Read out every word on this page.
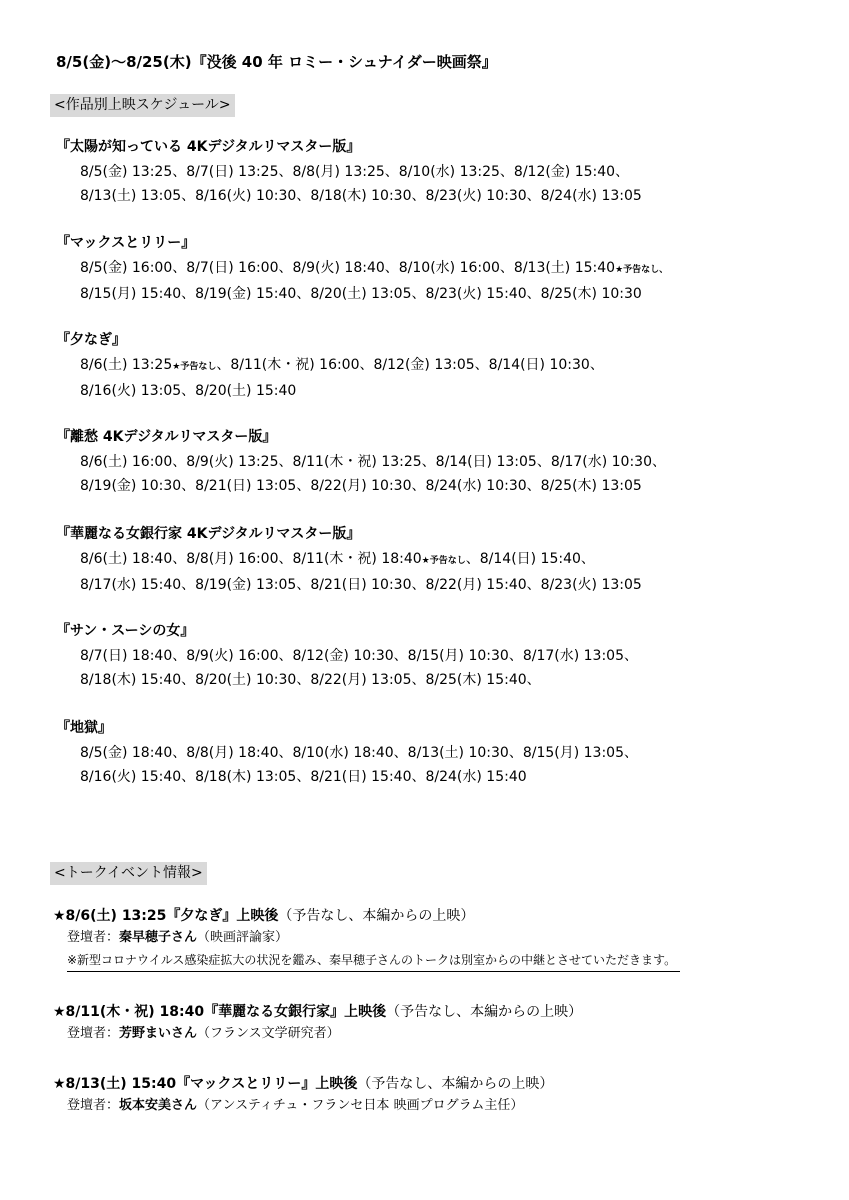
8/5(金)～8/25(木)『没後 40 年 ロミー・シュナイダー映画祭』
<作品別上映スケジュール>
『太陽が知っている 4Kデジタルリマスター版』
8/5(金) 13:25、8/7(日) 13:25、8/8(月) 13:25、8/10(水) 13:25、8/12(金) 15:40、
8/13(土) 13:05、8/16(火) 10:30、8/18(木) 10:30、8/23(火) 10:30、8/24(水) 13:05
『マックスとリリー』
8/5(金) 16:00、8/7(日) 16:00、8/9(火) 18:40、8/10(水) 16:00、8/13(土) 15:40★予告なし、
8/15(月) 15:40、8/19(金) 15:40、8/20(土) 13:05、8/23(火) 15:40、8/25(木) 10:30
『夕なぎ』
8/6(土) 13:25★予告なし、8/11(木・祝) 16:00、8/12(金) 13:05、8/14(日) 10:30、
8/16(火) 13:05、8/20(土) 15:40
『離愁 4Kデジタルリマスター版』
8/6(土) 16:00、8/9(火) 13:25、8/11(木・祝) 13:25、8/14(日) 13:05、8/17(水) 10:30、
8/19(金) 10:30、8/21(日) 13:05、8/22(月) 10:30、8/24(水) 10:30、8/25(木) 13:05
『華麗なる女銀行家 4Kデジタルリマスター版』
8/6(土) 18:40、8/8(月) 16:00、8/11(木・祝) 18:40★予告なし、8/14(日) 15:40、
8/17(水) 15:40、8/19(金) 13:05、8/21(日) 10:30、8/22(月) 15:40、8/23(火) 13:05
『サン・スーシの女』
8/7(日) 18:40、8/9(火) 16:00、8/12(金) 10:30、8/15(月) 10:30、8/17(水) 13:05、
8/18(木) 15:40、8/20(土) 10:30、8/22(月) 13:05、8/25(木) 15:40、
『地獄』
8/5(金) 18:40、8/8(月) 18:40、8/10(水) 18:40、8/13(土) 10:30、8/15(月) 13:05、
8/16(火) 15:40、8/18(木) 13:05、8/21(日) 15:40、8/24(水) 15:40
<トークイベント情報>
★8/6(土) 13:25『夕なぎ』上映後（予告なし、本編からの上映）
登壇者：秦早穂子さん（映画評論家）
※新型コロナウイルス感染症拡大の状況を鑑み、秦早穂子さんのトークは別室からの中継とさせていただきます。
★8/11(木・祝) 18:40『華麗なる女銀行家』上映後（予告なし、本編からの上映）
登壇者：芳野まいさん（フランス文学研究者）
★8/13(土) 15:40『マックスとリリー』上映後（予告なし、本編からの上映）
登壇者：坂本安美さん（アンスティチュ・フランセ日本 映画プログラム主任）
